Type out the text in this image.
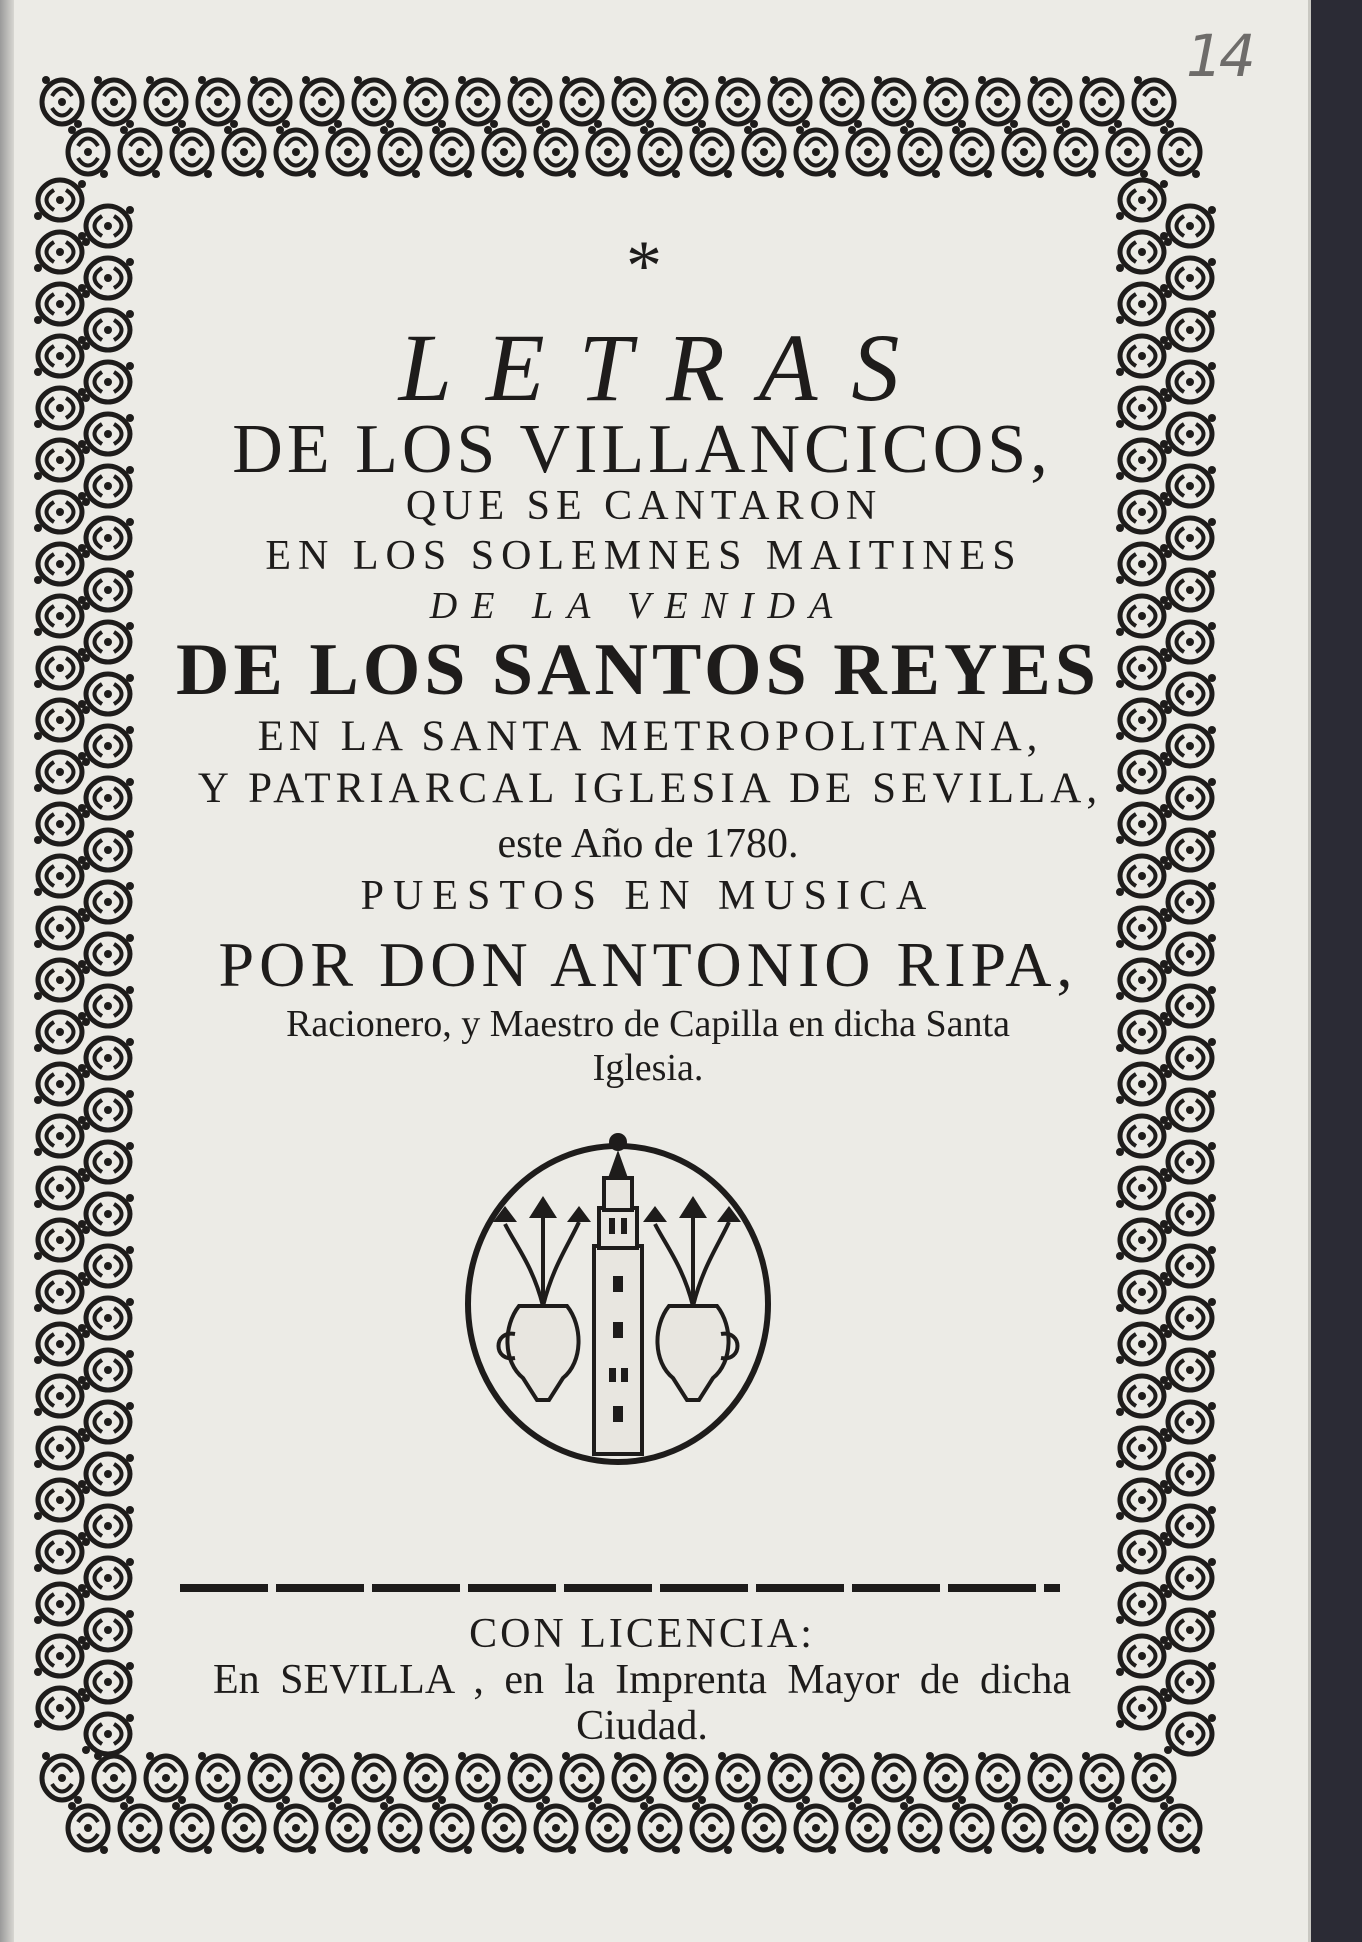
14
*
LETRAS
DE LOS VILLANCICOS,
QUE SE CANTARON
EN LOS SOLEMNES MAITINES
DE LA VENIDA
DE LOS SANTOS REYES
EN LA SANTA METROPOLITANA,
Y PATRIARCAL IGLESIA DE SEVILLA,
este Año de 1780.
PUESTOS EN MUSICA
POR DON ANTONIO RIPA,
Racionero, y Maestro de Capilla en dicha Santa
Iglesia.
CON LICENCIA:
En SEVILLA , en la Imprenta Mayor de dicha
Ciudad.
